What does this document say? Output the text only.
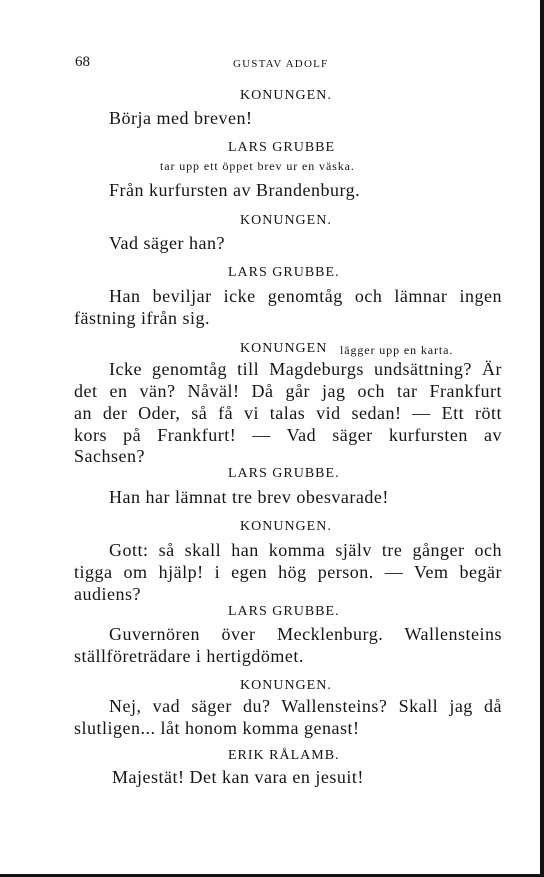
68	GUSTAV ADOLF
KONUNGEN.
Börja med breven!
LARS GRUBBE
tar upp ett öppet brev ur en väska.
Från kurfursten av Brandenburg.
KONUNGEN.
Vad säger han?
LARS GRUBBE.
Han beviljar icke genomtåg och lämnar ingen
fästning ifrån sig.
KONUNGEN lägger upp en karta.
Icke genomtåg till Magdeburgs undsättning? Är
det en vän? Nåväl! Då går jag och tar Frankfurt
an der Oder, så få vi talas vid sedan! — Ett rött
kors på Frankfurt! — Vad säger kurfursten av
Sachsen?
LARS GRUBBE.
Han har lämnat tre brev obesvarade!
KONUNGEN.
Gott: så skall han komma själv tre gånger och
tigga om hjälp! i egen hög person. — Vem begär
audiens?
LARS GRUBBE.
Guvernören över Mecklenburg. Wallensteins
ställföreträdare i hertigdömet.
KONUNGEN.
Nej, vad säger du? Wallensteins? Skall jag då
slutligen... låt honom komma genast!
ERIK RÅLAMB.
Majestät! Det kan vara en jesuit!
